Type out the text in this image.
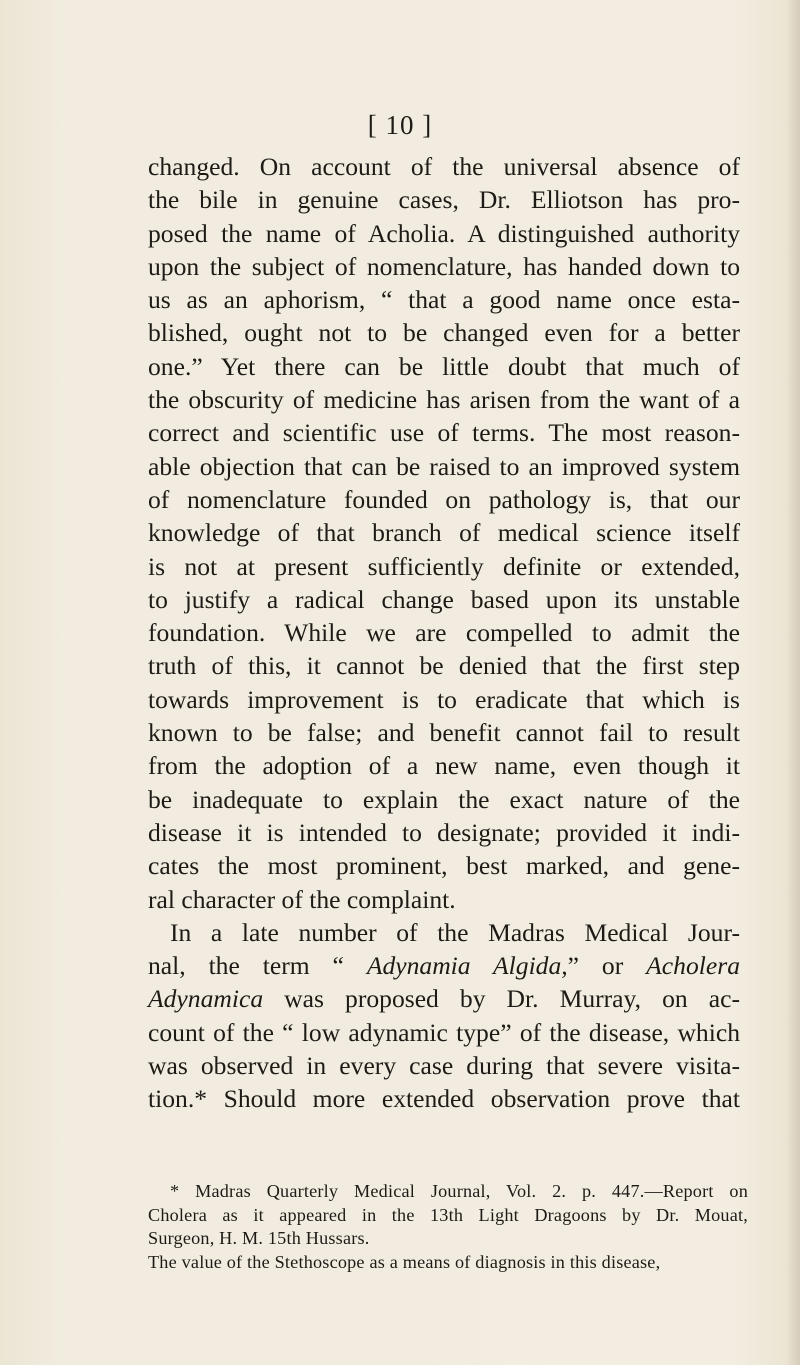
[ 10 ]
changed. On account of the universal absence of
the bile in genuine cases, Dr. Elliotson has pro-
posed the name of Acholia. A distinguished authority
upon the subject of nomenclature, has handed down to
us as an aphorism, “ that a good name once esta-
blished, ought not to be changed even for a better
one.” Yet there can be little doubt that much of
the obscurity of medicine has arisen from the want of a
correct and scientific use of terms. The most reason-
able objection that can be raised to an improved system
of nomenclature founded on pathology is, that our
knowledge of that branch of medical science itself
is not at present sufficiently definite or extended,
to justify a radical change based upon its unstable
foundation. While we are compelled to admit the
truth of this, it cannot be denied that the first step
towards improvement is to eradicate that which is
known to be false; and benefit cannot fail to result
from the adoption of a new name, even though it
be inadequate to explain the exact nature of the
disease it is intended to designate; provided it indi-
cates the most prominent, best marked, and gene-
ral character of the complaint.
In a late number of the Madras Medical Jour-
nal, the term “ Adynamia Algida,” or Acholera
Adynamica was proposed by Dr. Murray, on ac-
count of the “ low adynamic type” of the disease, which
was observed in every case during that severe visita-
tion.* Should more extended observation prove that
* Madras Quarterly Medical Journal, Vol. 2. p. 447.—Report on
Cholera as it appeared in the 13th Light Dragoons by Dr. Mouat,
Surgeon, H. M. 15th Hussars.
The value of the Stethoscope as a means of diagnosis in this disease,
